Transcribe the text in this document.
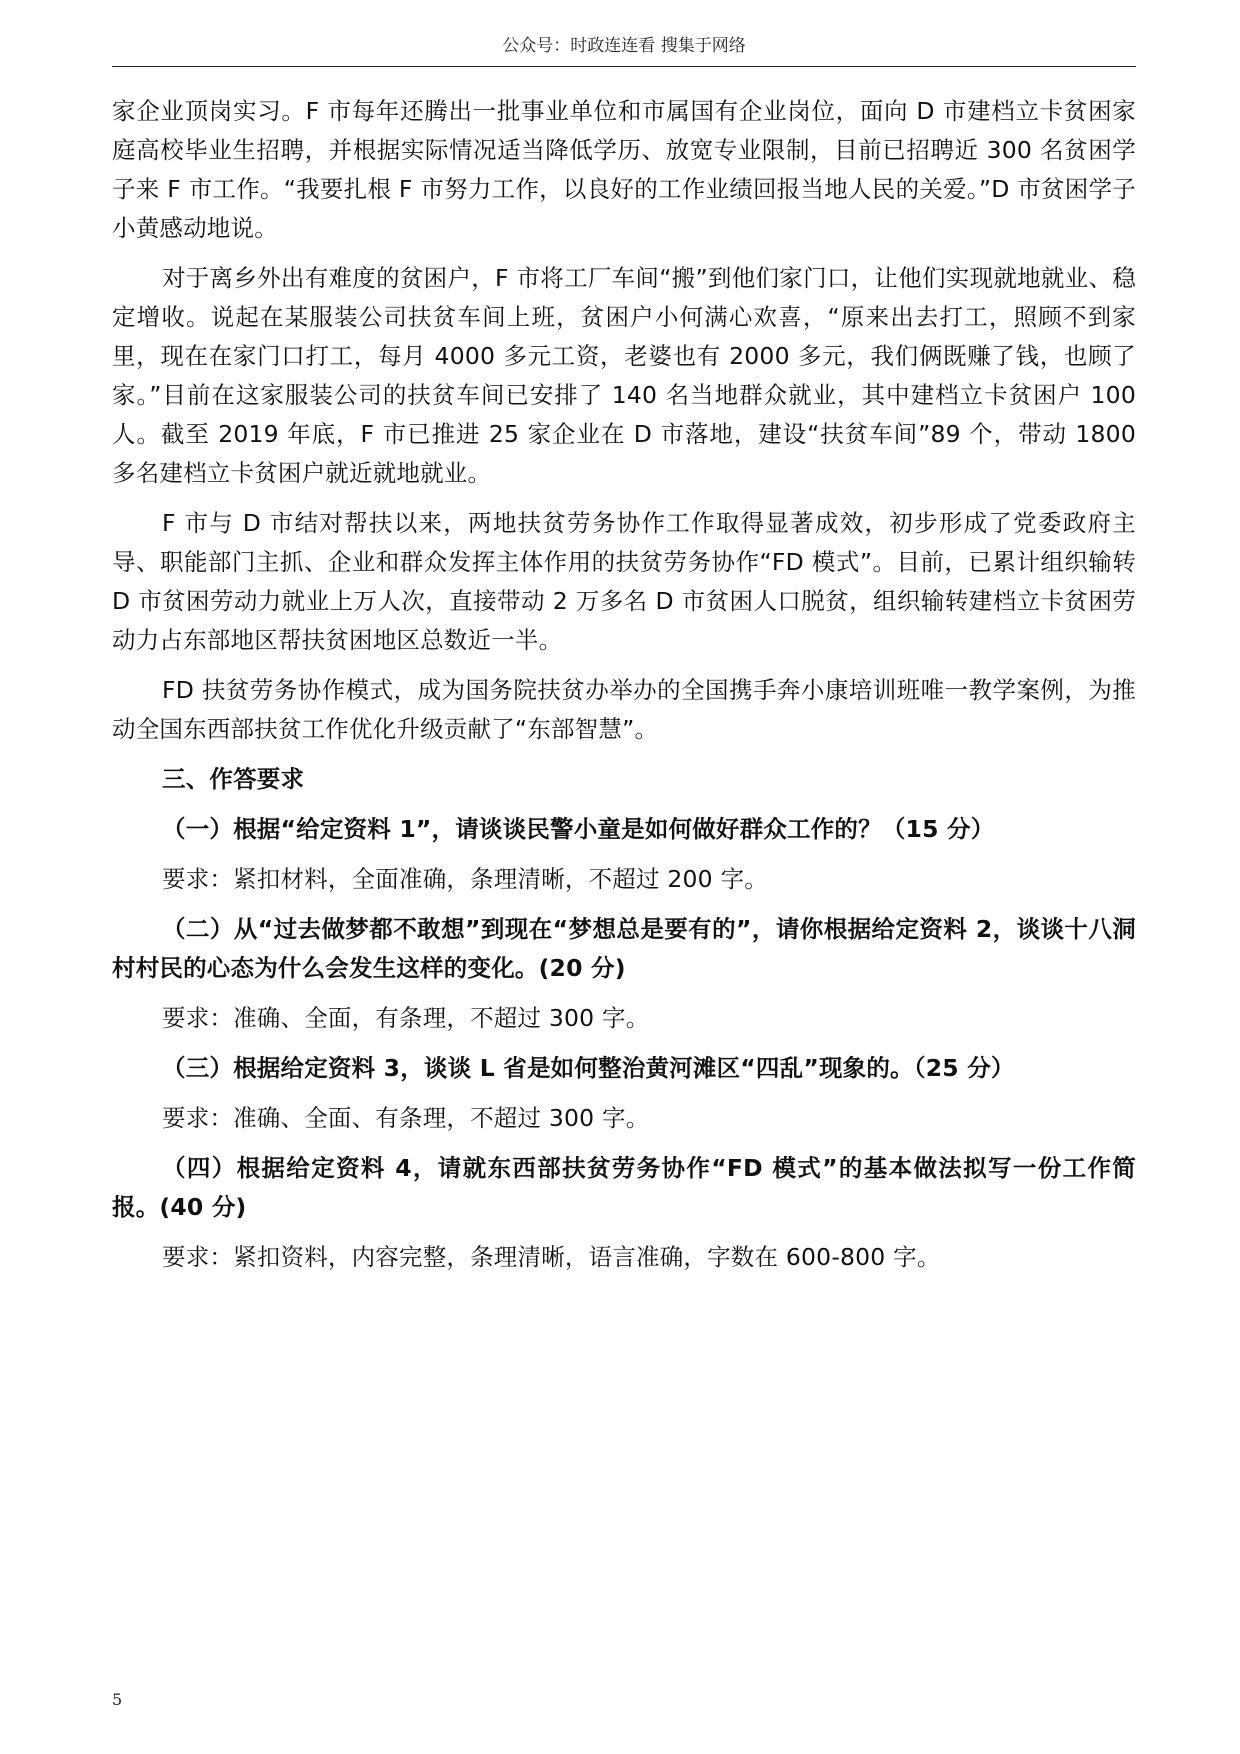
公众号：时政连连看 搜集于网络

家企业顶岗实习。F 市每年还腾出一批事业单位和市属国有企业岗位，面向 D 市建档立卡贫困家庭高校毕业生招聘，并根据实际情况适当降低学历、放宽专业限制，目前已招聘近 300 名贫困学子来 F 市工作。“我要扎根 F 市努力工作，以良好的工作业绩回报当地人民的关爱。”D 市贫困学子小黄感动地说。

对于离乡外出有难度的贫困户，F 市将工厂车间“搬”到他们家门口，让他们实现就地就业、稳定增收。说起在某服装公司扶贫车间上班，贫困户小何满心欢喜，“原来出去打工，照顾不到家里，现在在家门口打工，每月 4000 多元工资，老婆也有 2000 多元，我们俩既赚了钱，也顾了家。”目前在这家服装公司的扶贫车间已安排了 140 名当地群众就业，其中建档立卡贫困户 100 人。截至 2019 年底，F 市已推进 25 家企业在 D 市落地，建设“扶贫车间”89 个，带动 1800 多名建档立卡贫困户就近就地就业。

F 市与 D 市结对帮扶以来，两地扶贫劳务协作工作取得显著成效，初步形成了党委政府主导、职能部门主抓、企业和群众发挥主体作用的扶贫劳务协作“FD 模式”。目前，已累计组织输转 D 市贫困劳动力就业上万人次，直接带动 2 万多名 D 市贫困人口脱贫，组织输转建档立卡贫困劳动力占东部地区帮扶贫困地区总数近一半。

FD 扶贫劳务协作模式，成为国务院扶贫办举办的全国携手奔小康培训班唯一教学案例，为推动全国东西部扶贫工作优化升级贡献了“东部智慧”。

三、作答要求

（一）根据“给定资料 1”，请谈谈民警小童是如何做好群众工作的？（15 分）

要求：紧扣材料，全面准确，条理清晰，不超过 200 字。

（二）从“过去做梦都不敢想”到现在“梦想总是要有的”，请你根据给定资料 2，谈谈十八洞村村民的心态为什么会发生这样的变化。(20 分)

要求：准确、全面，有条理，不超过 300 字。

（三）根据给定资料 3，谈谈 L 省是如何整治黄河滩区“四乱”现象的。（25 分）

要求：准确、全面、有条理，不超过 300 字。

（四）根据给定资料 4，请就东西部扶贫劳务协作“FD 模式”的基本做法拟写一份工作简报。(40 分)

要求：紧扣资料，内容完整，条理清晰，语言准确，字数在 600-800 字。

5
